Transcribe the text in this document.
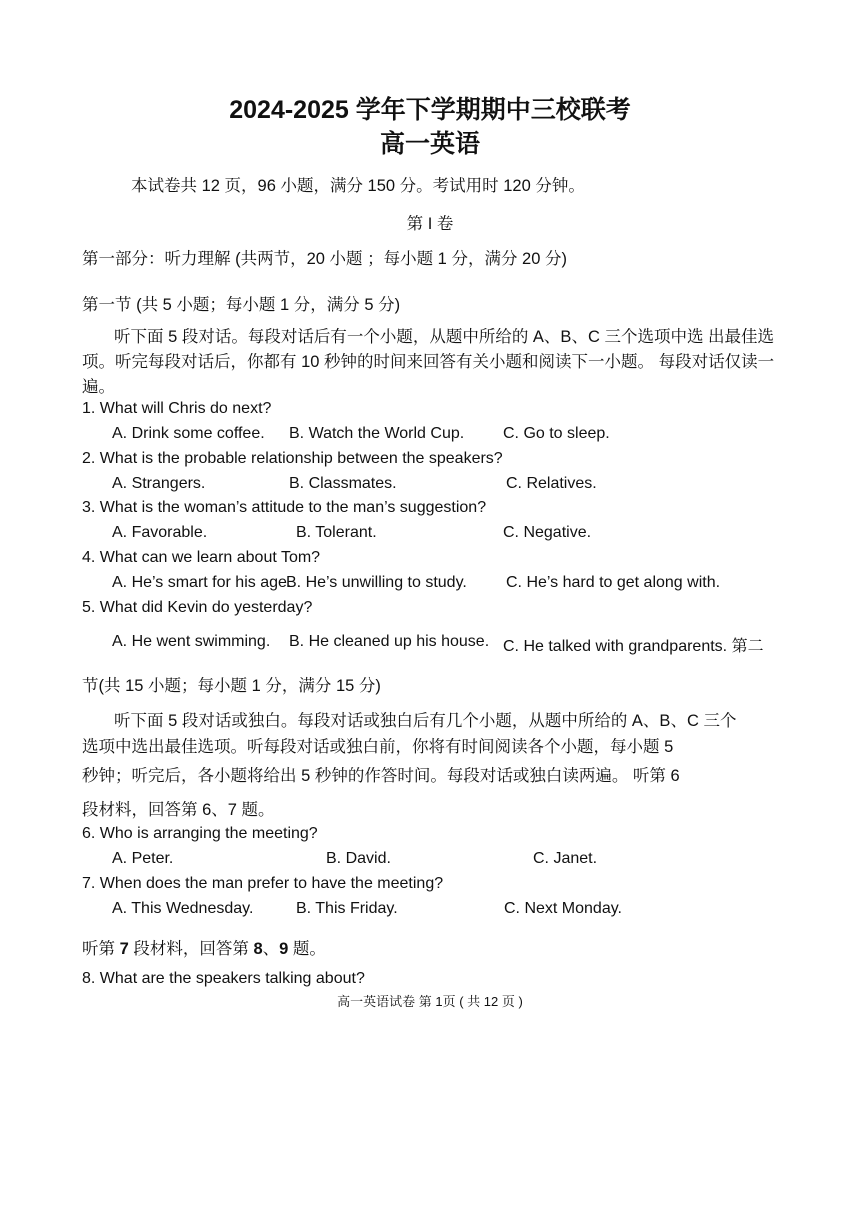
2024-2025 学年下学期期中三校联考
高一英语
本试卷共 12 页，96 小题，满分 150 分。考试用时 120 分钟。
第 I 卷
第一部分：听力理解 (共两节，20 小题 ；每小题 1 分，满分 20 分)
第一节 (共 5 小题；每小题 1 分，满分 5 分)
听下面 5 段对话。每段对话后有一个小题，从题中所给的 A、B、C 三个选项中选 出最佳选项。听完每段对话后，你都有 10 秒钟的时间来回答有关小题和阅读下一小题。 每段对话仅读一遍。
1. What will Chris do next?
A. Drink some coffee. B. Watch the World Cup. C. Go to sleep.
2. What is the probable relationship between the speakers?
A. Strangers.	B. Classmates.	C. Relatives.
3. What is the woman’s attitude to the man’s suggestion?
A. Favorable.	B. Tolerant.	C. Negative.
4. What can we learn about Tom?
A. He’s smart for his age.
B. He’s unwilling to study. C. He’s hard to get along with.
5. What did Kevin do yesterday?
A. He went swimming. B. He cleaned up his house. C. He talked with grandparents. 第二
节(共 15 小题；每小题 1 分，满分 15 分)
听下面 5 段对话或独白。每段对话或独白后有几个小题，从题中所给的 A、B、C 三个
选项中选出最佳选项。听每段对话或独白前，你将有时间阅读各个小题，每小题 5
秒钟；听完后，各小题将给出 5 秒钟的作答时间。每段对话或独白读两遍。 听第 6
段材料，回答第 6、7 题。
6. Who is arranging the meeting?
A. Peter.	B. David.	C. Janet.
7. When does the man prefer to have the meeting?
A. This Wednesday.	B. This Friday.	C. Next Monday.
听第 7 段材料，回答第 8、9 题。
8. What are the speakers talking about?
高一英语试卷 第 1页 ( 共 12 页 )
